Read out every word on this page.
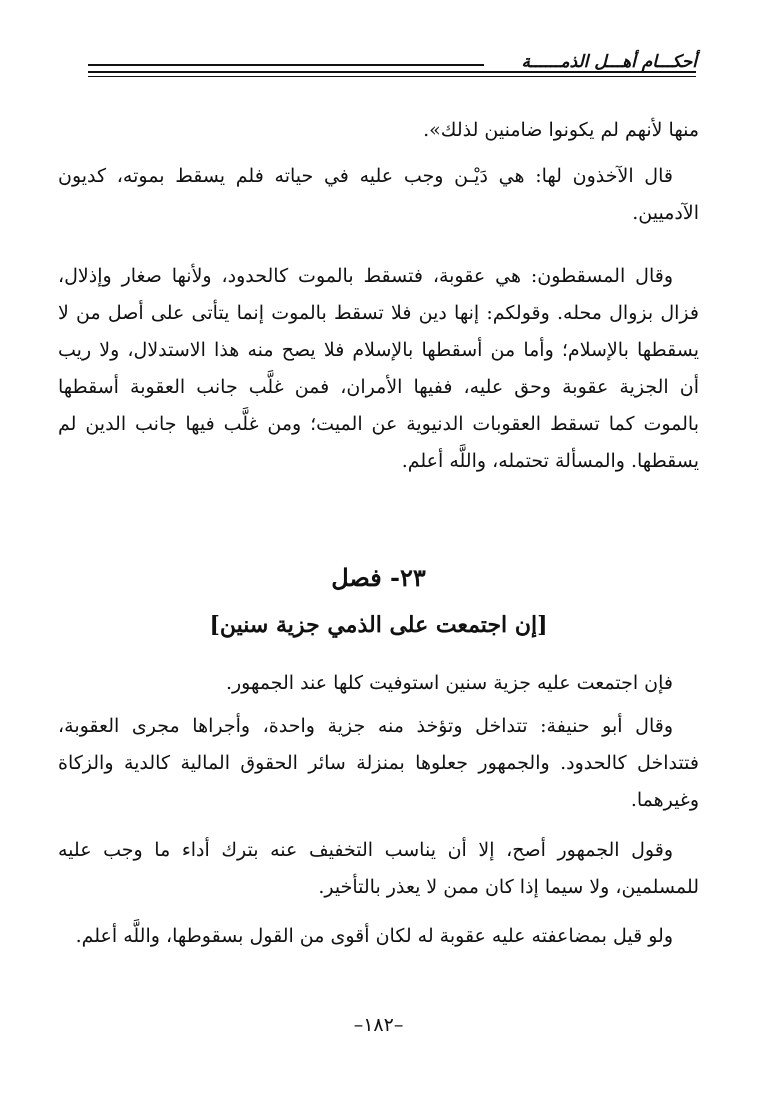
أحكـــام أهـــل الذمــــــة

منها لأنهم لم يكونوا ضامنين لذلك».

قال الآخذون لها: هي دَيْـن وجب عليه في حياته فلم يسقط بموته، كديون الآدميين.

وقال المسقطون: هي عقوبة، فتسقط بالموت كالحدود، ولأنها صغار وإذلال، فزال بزوال محله. وقولكم: إنها دين فلا تسقط بالموت إنما يتأتى على أصل من لا يسقطها بالإسلام؛ وأما من أسقطها بالإسلام فلا يصح منه هذا الاستدلال، ولا ريب أن الجزية عقوبة وحق عليه، ففيها الأمران، فمن غلَّب جانب العقوبة أسقطها بالموت كما تسقط العقوبات الدنيوية عن الميت؛ ومن غلَّب فيها جانب الدين لم يسقطها. والمسألة تحتمله، واللَّه أعلم.

٢٣- فصل
[إن اجتمعت على الذمي جزية سنين]

فإن اجتمعت عليه جزية سنين استوفيت كلها عند الجمهور.

وقال أبو حنيفة: تتداخل وتؤخذ منه جزية واحدة، وأجراها مجرى العقوبة، فتتداخل كالحدود. والجمهور جعلوها بمنزلة سائر الحقوق المالية كالدية والزكاة وغيرهما.

وقول الجمهور أصح، إلا أن يناسب التخفيف عنه بترك أداء ما وجب عليه للمسلمين، ولا سيما إذا كان ممن لا يعذر بالتأخير.

ولو قيل بمضاعفته عليه عقوبة له لكان أقوى من القول بسقوطها، واللَّه أعلم.

–١٨٢–
